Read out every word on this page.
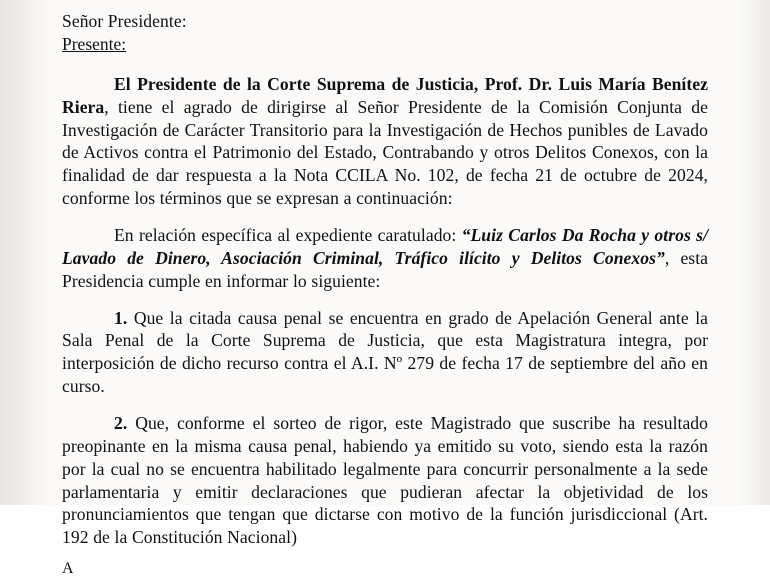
Señor Presidente:
Presente:

El Presidente de la Corte Suprema de Justicia, Prof. Dr. Luis María Benítez Riera, tiene el agrado de dirigirse al Señor Presidente de la Comisión Conjunta de Investigación de Carácter Transitorio para la Investigación de Hechos punibles de Lavado de Activos contra el Patrimonio del Estado, Contrabando y otros Delitos Conexos, con la finalidad de dar respuesta a la Nota CCILA No. 102, de fecha 21 de octubre de 2024, conforme los términos que se expresan a continuación:

En relación específica al expediente caratulado: “Luiz Carlos Da Rocha y otros s/ Lavado de Dinero, Asociación Criminal, Tráfico ilícito y Delitos Conexos”, esta Presidencia cumple en informar lo siguiente:

1. Que la citada causa penal se encuentra en grado de Apelación General ante la Sala Penal de la Corte Suprema de Justicia, que esta Magistratura integra, por interposición de dicho recurso contra el A.I. Nº 279 de fecha 17 de septiembre del año en curso.

2. Que, conforme el sorteo de rigor, este Magistrado que suscribe ha resultado preopinante en la misma causa penal, habiendo ya emitido su voto, siendo esta la razón por la cual no se encuentra habilitado legalmente para concurrir personalmente a la sede parlamentaria y emitir declaraciones que pudieran afectar la objetividad de los pronunciamientos que tengan que dictarse con motivo de la función jurisdiccional (Art. 192 de la Constitución Nacional)

A
